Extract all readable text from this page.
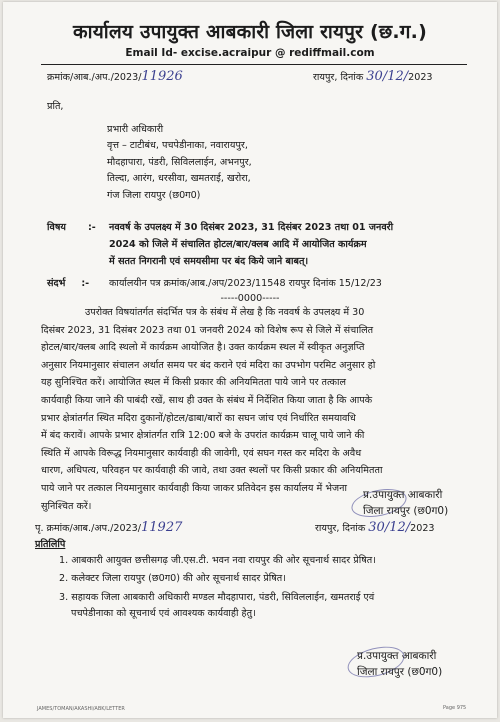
कार्यालय उपायुक्त आबकारी जिला रायपुर (छ.ग.)
Email Id- excise.acraipur @ rediffmail.com
क्रमांक/आब./अप./2023/11926	रायपुर, दिनांक 30/12/2023
प्रति,
प्रभारी अधिकारी
वृत्त – टाटीबंध, पचपेडीनाका, नवारायपुर,
मौदहापारा, पंडरी, सिविललाईन, अभनपुर,
तिल्दा, आरंग, धरसीवा, खमतराई, खरोरा,
गंज जिला रायपुर (छ0ग0)
विषय :- नववर्ष के उपलक्ष्य में 30 दिसंबर 2023, 31 दिसंबर 2023 तथा 01 जनवरी
2024 को जिले में संचालित होटल/बार/क्लब आदि में आयोजित कार्यक्रम
में सतत निगरानी एवं समयसीमा पर बंद किये जाने बाबत्।
संदर्भ :- कार्यालयीन पत्र क्रमांक/आब./अप/2023/11548 रायपुर दिनांक 15/12/23
-----0000-----
उपरोक्त विषयांतर्गत संदर्भित पत्र के संबंध में लेख है कि नववर्ष के उपलक्ष्य में 30
दिसंबर 2023, 31 दिसंबर 2023 तथा 01 जनवरी 2024 को विशेष रूप से जिले में संचालित
होटल/बार/क्लब आदि स्थलो में कार्यक्रम आयोजित है। उक्त कार्यक्रम स्थल में स्वीकृत अनुज्ञप्ति
अनुसार नियमानुसार संचालन अर्थात समय पर बंद कराने एवं मदिरा का उपभोग परमिट अनुसार हो
यह सुनिश्चित करें। आयोजित स्थल में किसी प्रकार की अनियमितता पाये जाने पर तत्काल
कार्यवाही किया जाने की पाबंदी रखें, साथ ही उक्त के संबंध में निर्देशित किया जाता है कि आपके
प्रभार क्षेत्रांतर्गत स्थित मदिरा दुकानों/होटल/ढाबा/बारों का सघन जांच एवं निर्धारित समयावधि
में बंद करावें। आपके प्रभार क्षेत्रांतर्गत रात्रि 12:00 बजे के उपरांत कार्यक्रम चालू पाये जाने की
स्थिति में आपके विरूद्ध नियमानुसार कार्यवाही की जावेगी, एवं सघन गस्त कर मदिरा के अवैध
धारण, अधिपत्य, परिवहन पर कार्यवाही की जावे, तथा उक्त स्थलों पर किसी प्रकार की अनियमितता
पाये जाने पर तत्काल नियमानुसार कार्यवाही किया जाकर प्रतिवेदन इस कार्यालय में भेजना
सुनिश्चित करें।
प्र.उपायुक्त आबकारी
जिला रायपुर (छ0ग0)
पृ. क्रमांक/आब./अप./2023/11927	रायपुर, दिनांक 30/12/2023
प्रतिलिपि
1. आबकारी आयुक्त छत्तीसगढ़ जी.एस.टी. भवन नवा रायपुर की ओर सूचनार्थ सादर प्रेषित।
2. कलेक्टर जिला रायपुर (छ0ग0) की ओर सूचनार्थ सादर प्रेषित।
3. सहायक जिला आबकारी अधिकारी मण्डल मौदहापारा, पंडरी, सिविललाईन, खमतराई एवं
पचपेडीनाका को सूचनार्थ एवं आवश्यक कार्यवाही हेतु।
प्र.उपायुक्त आबकारी
जिला रायपुर (छ0ग0)
JAMES/TOMAN/AKASHI/ABK/LETTER	Page 975
